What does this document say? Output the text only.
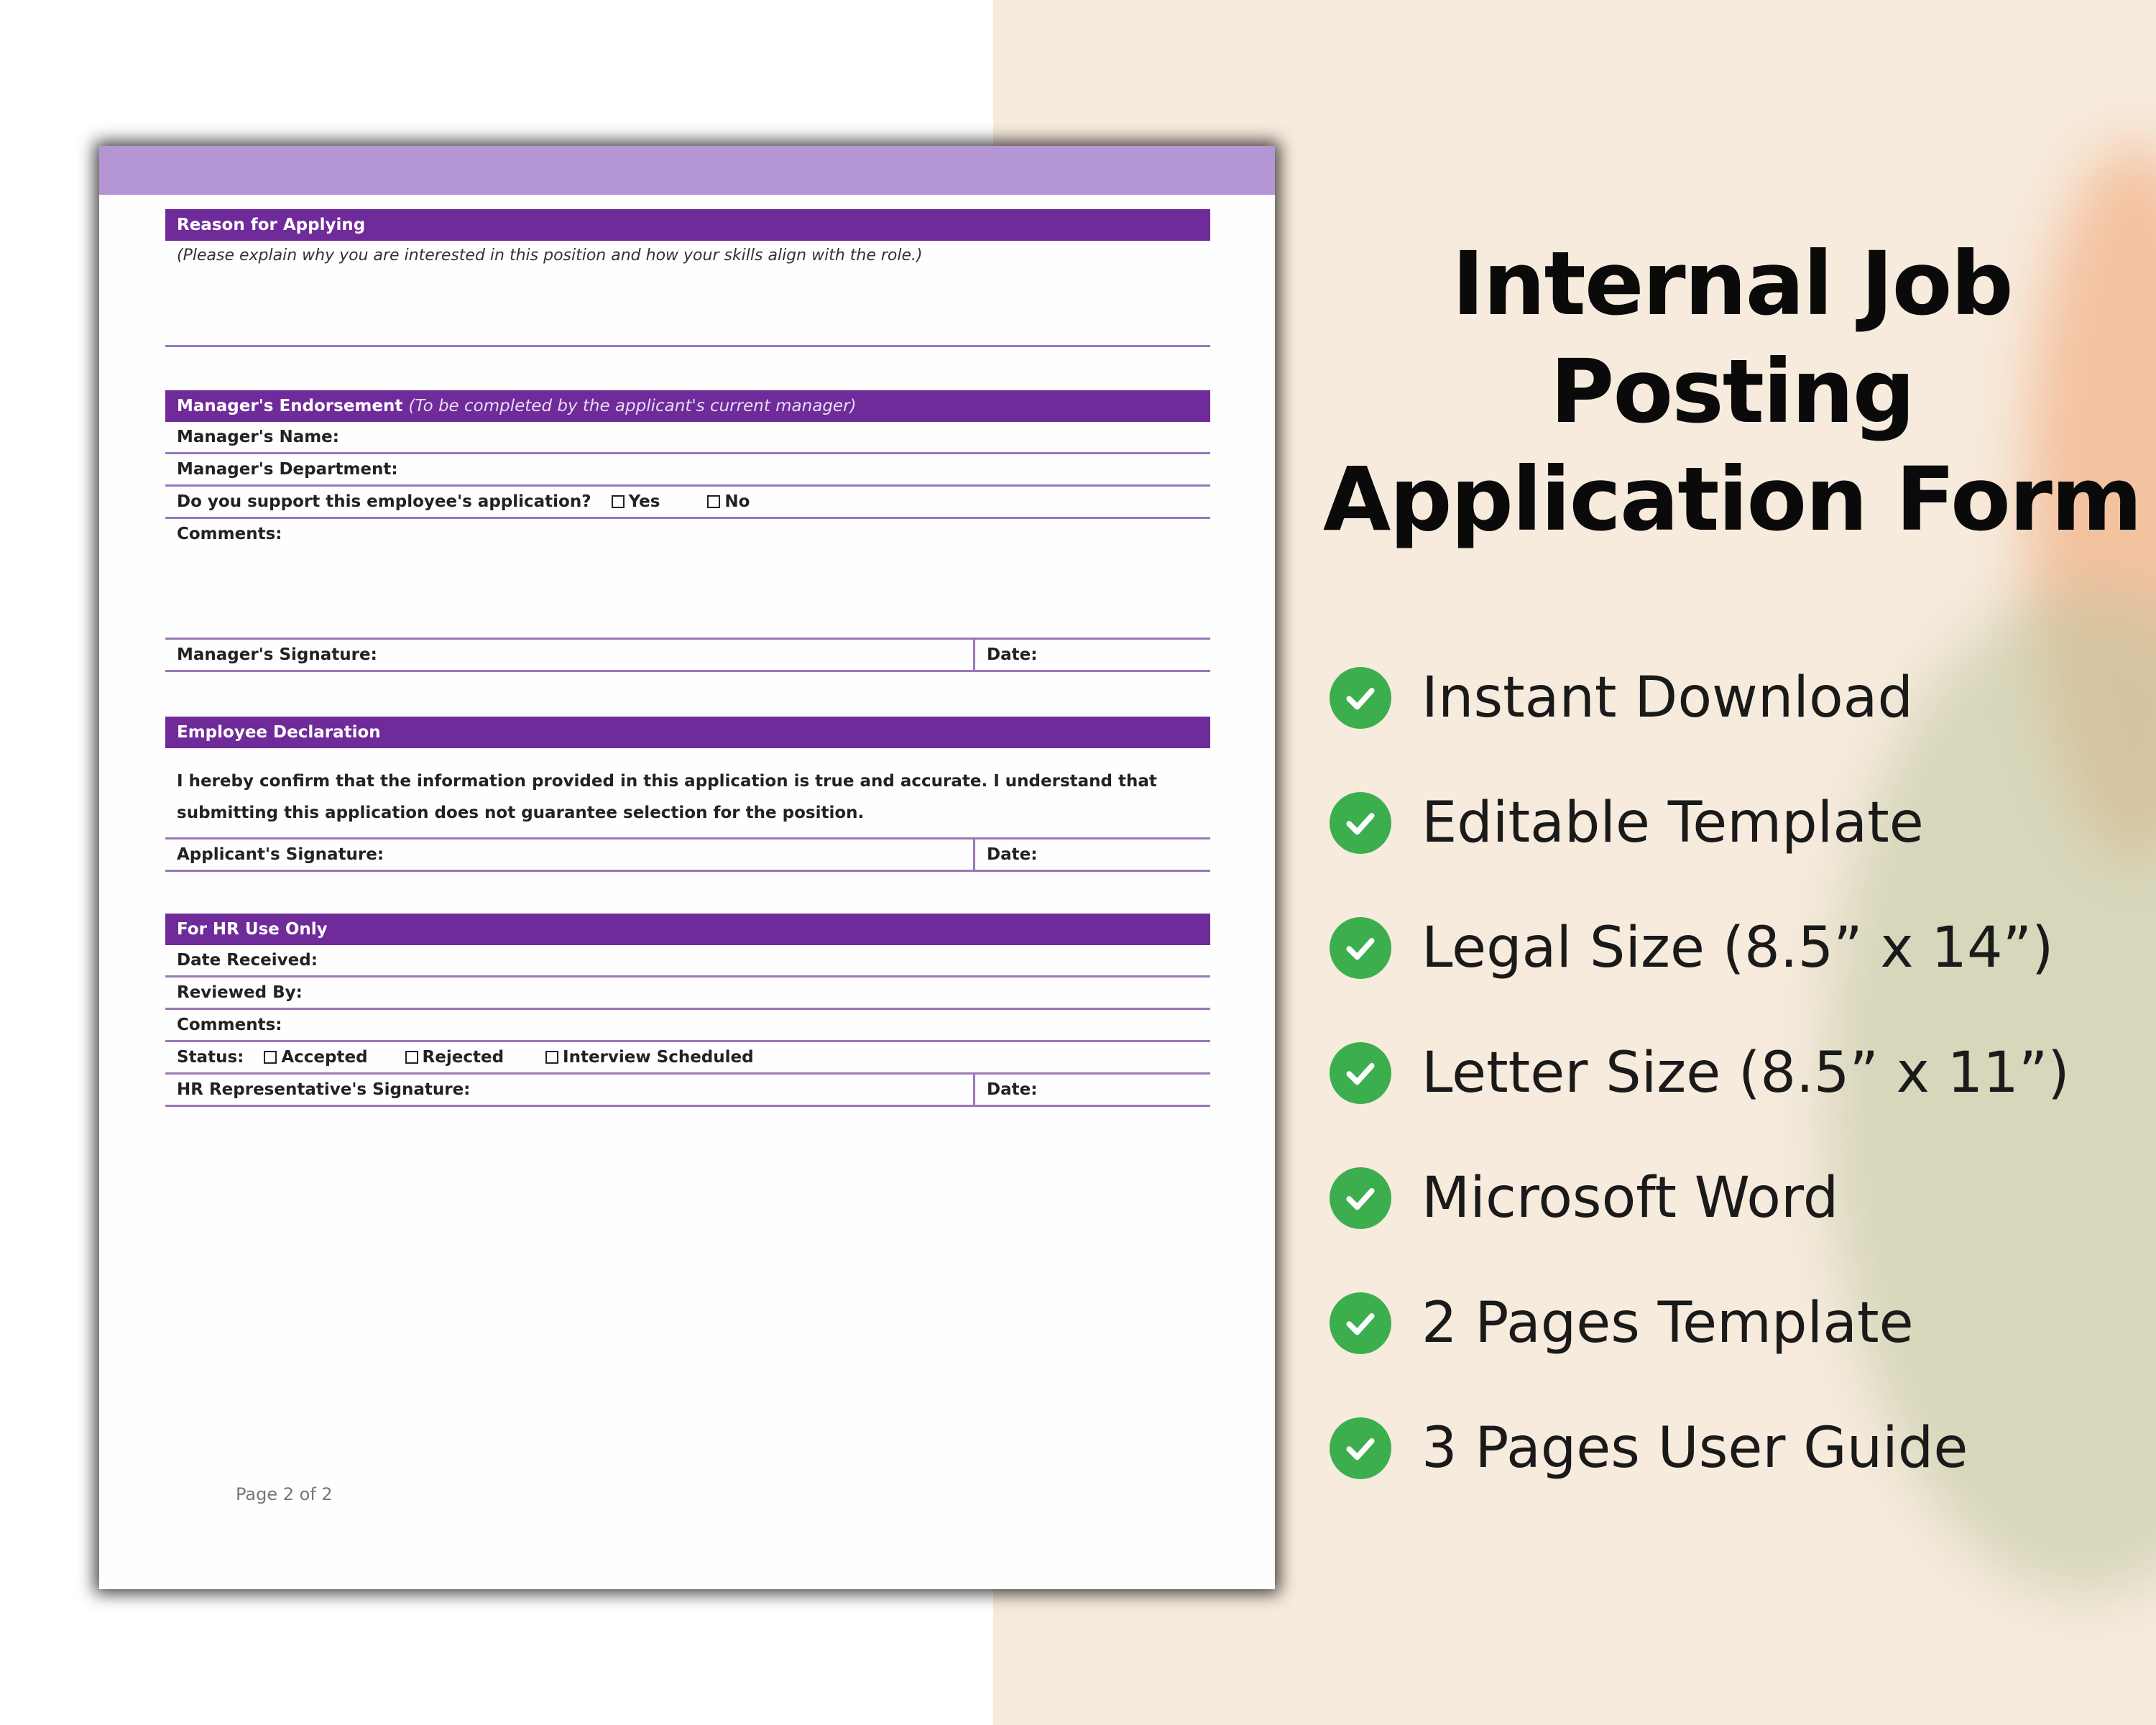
Reason for Applying
(Please explain why you are interested in this position and how your skills align with the role.)
Manager's Endorsement (To be completed by the applicant's current manager)
Manager's Name:
Manager's Department:
Do you support this employee's application?	Yes	No
Comments:
Manager's Signature:	Date:
Employee Declaration
I hereby confirm that the information provided in this application is true and accurate. I understand that submitting this application does not guarantee selection for the position.
Applicant's Signature:	Date:
For HR Use Only
Date Received:
Reviewed By:
Comments:
Status:	Accepted	Rejected	Interview Scheduled
HR Representative's Signature:	Date:
Page 2 of 2
Internal Job Posting
Application Form
Instant Download
Editable Template
Legal Size (8.5” x 14”)
Letter Size (8.5” x 11”)
Microsoft Word
2 Pages Template
3 Pages User Guide
